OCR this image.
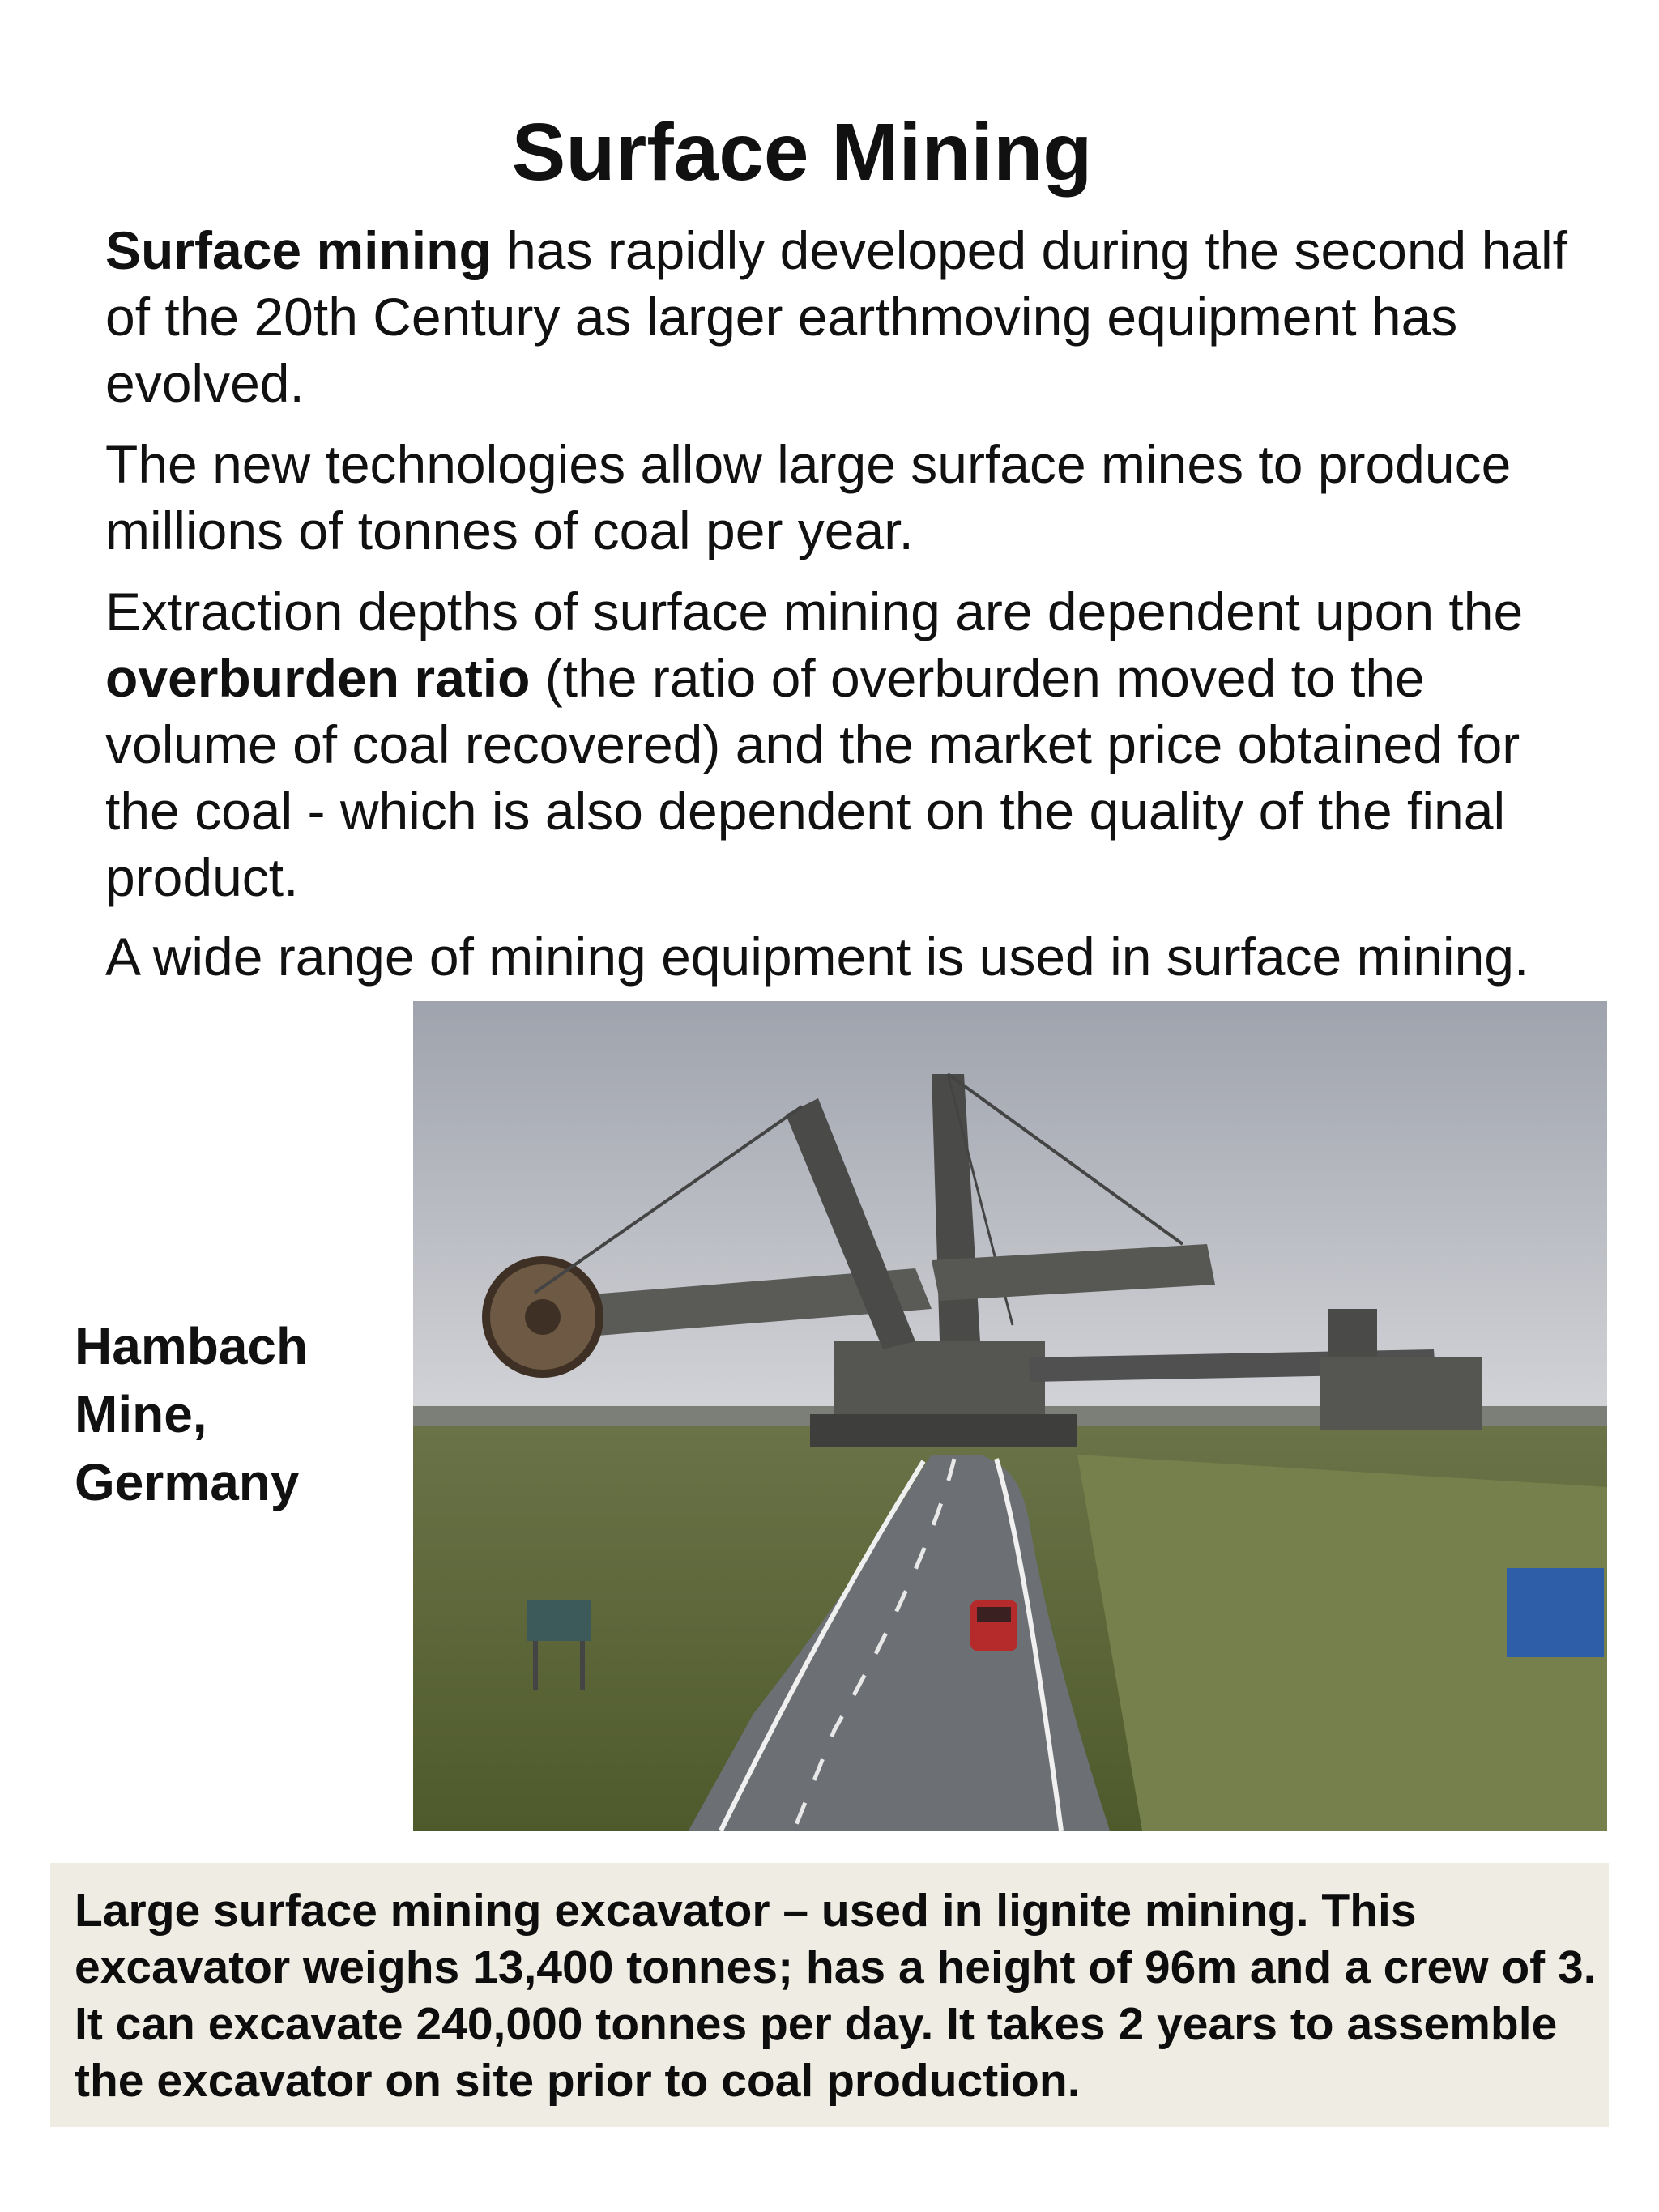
Surface Mining

Surface mining has rapidly developed during the second half of the 20th Century as larger earthmoving equipment has evolved.

The new technologies allow large surface mines to produce millions of tonnes of coal per year.

Extraction depths of surface mining are dependent upon the overburden ratio (the ratio of overburden moved to the volume of coal recovered) and the market price obtained for the coal - which is also dependent on the quality of the final product.

A wide range of mining equipment is used in surface mining.

Hambach
Mine,
Germany

Large surface mining excavator – used in lignite mining. This excavator weighs 13,400 tonnes; has a height of 96m and a crew of 3. It can excavate 240,000 tonnes per day. It takes 2 years to assemble the excavator on site prior to coal production.
